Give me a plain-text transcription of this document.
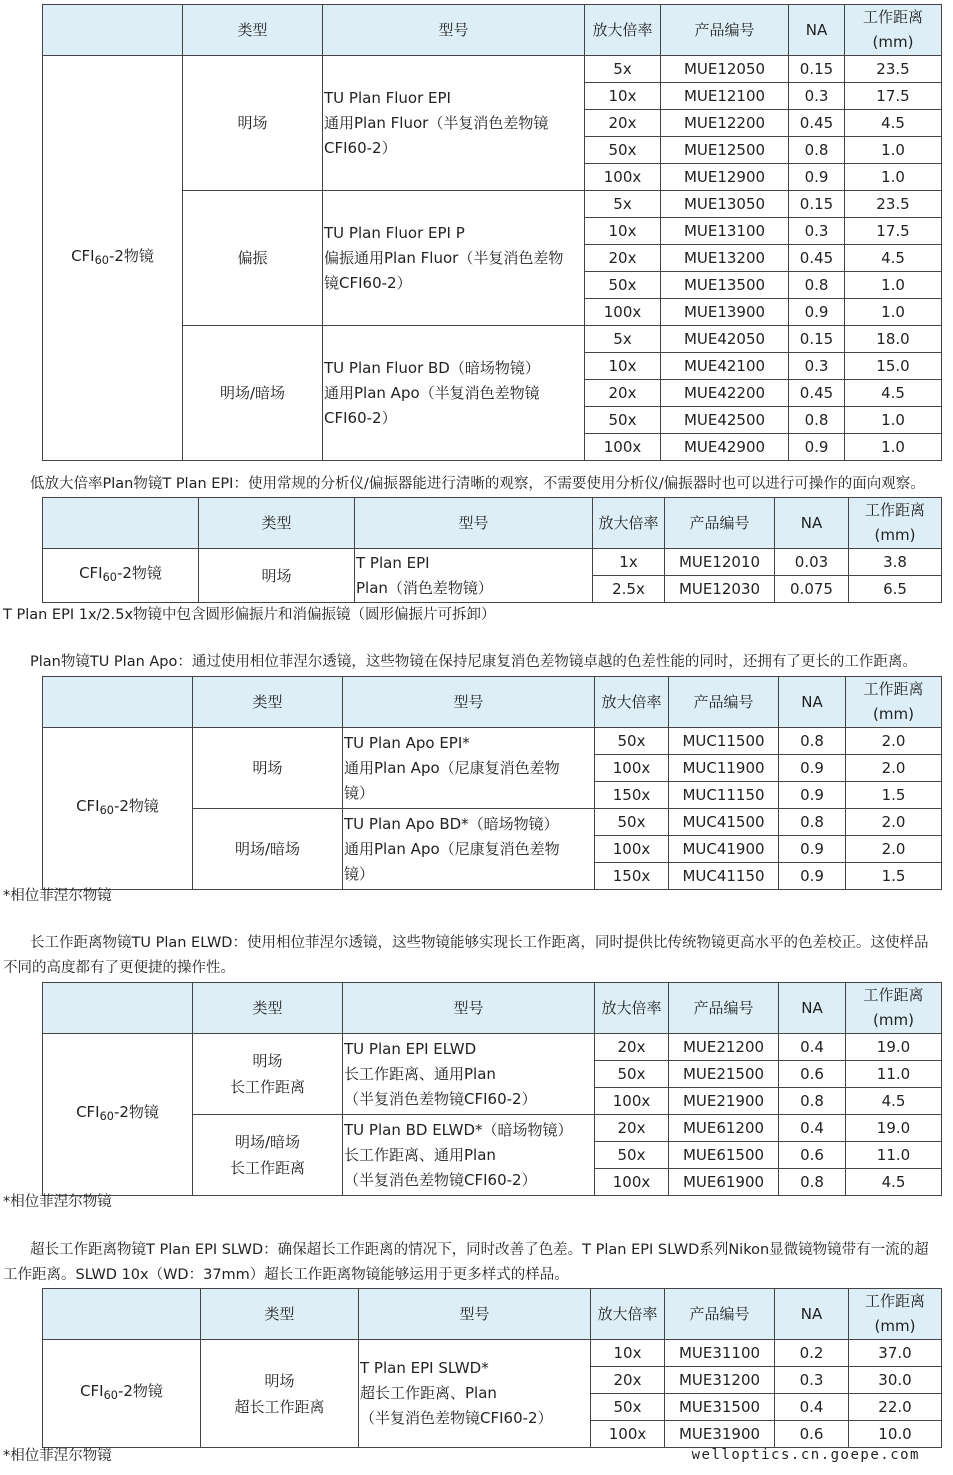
	类型	型号	放大倍率	产品编号	NA	工作距离
(mm)
$CFI_{60}-2$物镜	明场	TU Plan Fluor EPI
通用Plan Fluor（半复消色差物镜
CFI60-2）	5x	MUE12050	0.15	23.5
			10x	MUE12100	0.3	17.5
			20x	MUE12200	0.45	4.5
			50x	MUE12500	0.8	1.0
			100x	MUE12900	0.9	1.0
	偏振	TU Plan Fluor EPI P
偏振通用Plan Fluor（半复消色差物
镜CFI60-2）	5x	MUE13050	0.15	23.5
			10x	MUE13100	0.3	17.5
			20x	MUE13200	0.45	4.5
			50x	MUE13500	0.8	1.0
			100x	MUE13900	0.9	1.0
	明场/暗场	TU Plan Fluor BD（暗场物镜）
通用Plan Apo（半复消色差物镜
CFI60-2）	5x	MUE42050	0.15	18.0
			10x	MUE42100	0.3	15.0
			20x	MUE42200	0.45	4.5
			50x	MUE42500	0.8	1.0
			100x	MUE42900	0.9	1.0
低放大倍率Plan物镜T Plan EPI：使用常规的分析仪/偏振器能进行清晰的观察，不需要使用分析仪/偏振器时也可以进行可操作的面向观察。
	类型	型号	放大倍率	产品编号	NA	工作距离
(mm)
$CFI_{60}-2$物镜	明场	T Plan EPI
Plan（消色差物镜）	1x	MUE12010	0.03	3.8
			2.5x	MUE12030	0.075	6.5
T Plan EPI 1x/2.5x物镜中包含圆形偏振片和消偏振镜（圆形偏振片可拆卸）
Plan物镜TU Plan Apo：通过使用相位菲涅尔透镜，这些物镜在保持尼康复消色差物镜卓越的色差性能的同时，还拥有了更长的工作距离。
	类型	型号	放大倍率	产品编号	NA	工作距离
(mm)
$CFI_{60}-2$物镜	明场	TU Plan Apo EPI*
通用Plan Apo（尼康复消色差物
镜）	50x	MUC11500	0.8	2.0
			100x	MUC11900	0.9	2.0
			150x	MUC11150	0.9	1.5
	明场/暗场	TU Plan Apo BD*（暗场物镜）
通用Plan Apo（尼康复消色差物
镜）	50x	MUC41500	0.8	2.0
			100x	MUC41900	0.9	2.0
			150x	MUC41150	0.9	1.5
*相位菲涅尔物镜
长工作距离物镜TU Plan ELWD：使用相位菲涅尔透镜，这些物镜能够实现长工作距离，同时提供比传统物镜更高水平的色差校正。这使样品
不同的高度都有了更便捷的操作性。
	类型	型号	放大倍率	产品编号	NA	工作距离
(mm)
$CFI_{60}-2$物镜	明场
长工作距离	TU Plan EPI ELWD
长工作距离、通用Plan
（半复消色差物镜CFI60-2）	20x	MUE21200	0.4	19.0
			50x	MUE21500	0.6	11.0
			100x	MUE21900	0.8	4.5
	明场/暗场
长工作距离	TU Plan BD ELWD*（暗场物镜）
长工作距离、通用Plan
（半复消色差物镜CFI60-2）	20x	MUE61200	0.4	19.0
			50x	MUE61500	0.6	11.0
			100x	MUE61900	0.8	4.5
*相位菲涅尔物镜
超长工作距离物镜T Plan EPI SLWD：确保超长工作距离的情况下，同时改善了色差。T Plan EPI SLWD系列Nikon显微镜物镜带有一流的超
工作距离。SLWD 10x（WD：37mm）超长工作距离物镜能够运用于更多样式的样品。
	类型	型号	放大倍率	产品编号	NA	工作距离
(mm)
$CFI_{60}-2$物镜	明场
超长工作距离	T Plan EPI SLWD*
超长工作距离、Plan
（半复消色差物镜CFI60-2）	10x	MUE31100	0.2	37.0
			20x	MUE31200	0.3	30.0
			50x	MUE31500	0.4	22.0
			100x	MUE31900	0.6	10.0
*相位菲涅尔物镜	welloptics.cn.goepe.com
